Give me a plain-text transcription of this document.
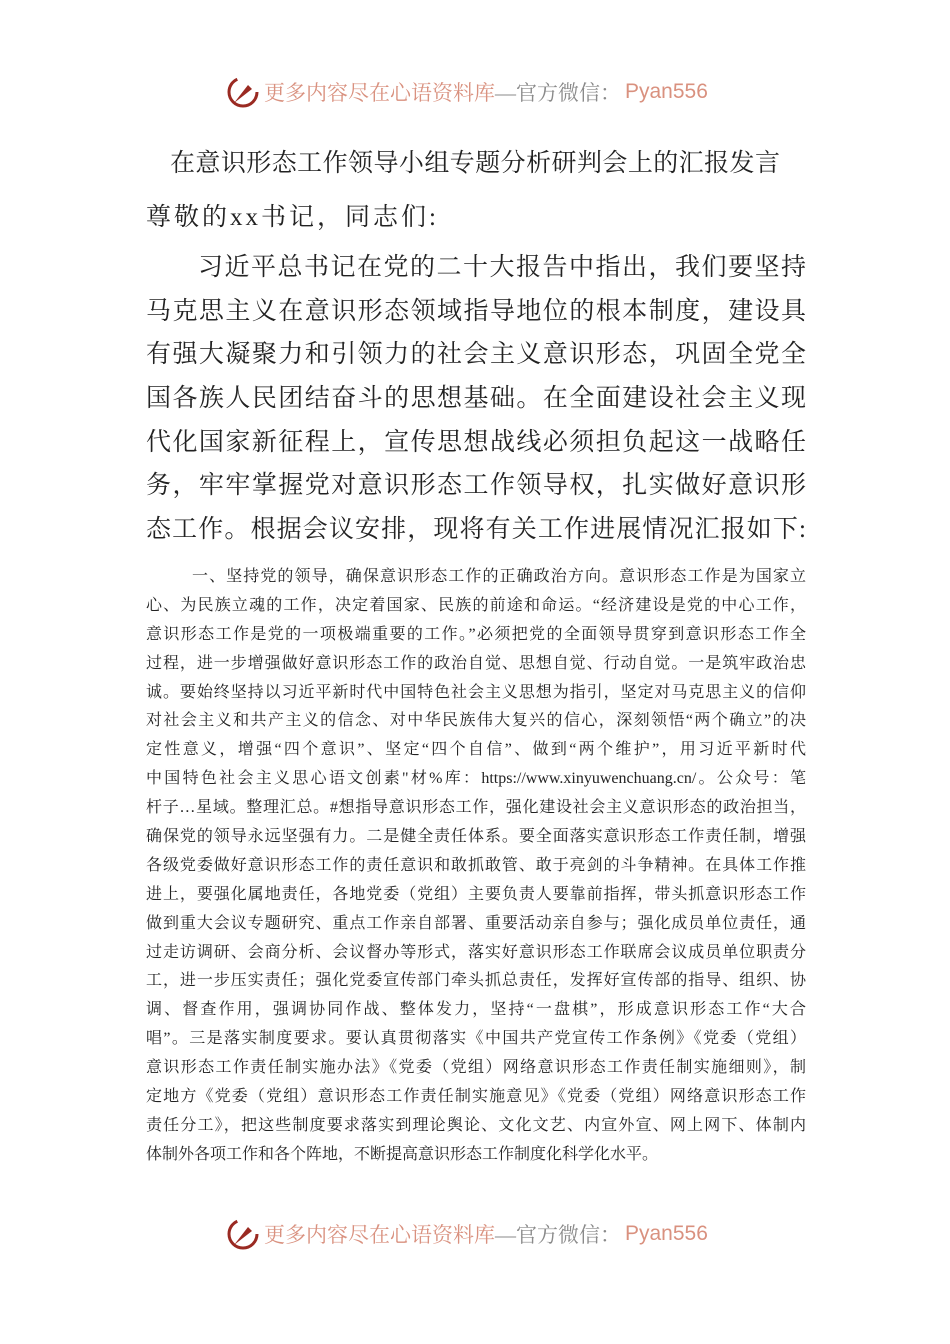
更多内容尽在心语资料库 —官方微信： Pyan556
在意识形态工作领导小组专题分析研判会上的汇报发言
尊敬的xx书记，同志们:
习近平总书记在党的二十大报告中指出，我们要坚持
马克思主义在意识形态领域指导地位的根本制度，建设具
有强大凝聚力和引领力的社会主义意识形态，巩固全党全
国各族人民团结奋斗的思想基础。在全面建设社会主义现
代化国家新征程上，宣传思想战线必须担负起这一战略任
务，牢牢掌握党对意识形态工作领导权，扎实做好意识形
态工作。根据会议安排，现将有关工作进展情况汇报如下:
一、坚持党的领导，确保意识形态工作的正确政治方向。意识形态工作是为国家立
心、为民族立魂的工作，决定着国家、民族的前途和命运。“经济建设是党的中心工作，
意识形态工作是党的一项极端重要的工作。”必须把党的全面领导贯穿到意识形态工作全
过程，进一步增强做好意识形态工作的政治自觉、思想自觉、行动自觉。一是筑牢政治忠
诚。要始终坚持以习近平新时代中国特色社会主义思想为指引，坚定对马克思主义的信仰
对社会主义和共产主义的信念、对中华民族伟大复兴的信心，深刻领悟“两个确立”的决
定性意义，增强“四个意识”、坚定“四个自信”、做到“两个维护”，用习近平新时代
中国特色社会主义思心语文创素"材%库：https://www.xinyuwenchuang.cn/。公众号：笔
杆子…星域。整理汇总。#想指导意识形态工作，强化建设社会主义意识形态的政治担当，
确保党的领导永远坚强有力。二是健全责任体系。要全面落实意识形态工作责任制，增强
各级党委做好意识形态工作的责任意识和敢抓敢管、敢于亮剑的斗争精神。在具体工作推
进上，要强化属地责任，各地党委（党组）主要负责人要靠前指挥，带头抓意识形态工作
做到重大会议专题研究、重点工作亲自部署、重要活动亲自参与；强化成员单位责任，通
过走访调研、会商分析、会议督办等形式，落实好意识形态工作联席会议成员单位职责分
工，进一步压实责任；强化党委宣传部门牵头抓总责任，发挥好宣传部的指导、组织、协
调、督查作用，强调协同作战、整体发力，坚持“一盘棋”，形成意识形态工作“大合
唱”。三是落实制度要求。要认真贯彻落实《中国共产党宣传工作条例》《党委（党组）
意识形态工作责任制实施办法》《党委（党组）网络意识形态工作责任制实施细则》，制
定地方《党委（党组）意识形态工作责任制实施意见》《党委（党组）网络意识形态工作
责任分工》，把这些制度要求落实到理论舆论、文化文艺、内宣外宣、网上网下、体制内
体制外各项工作和各个阵地，不断提高意识形态工作制度化科学化水平。
更多内容尽在心语资料库 —官方微信： Pyan556
